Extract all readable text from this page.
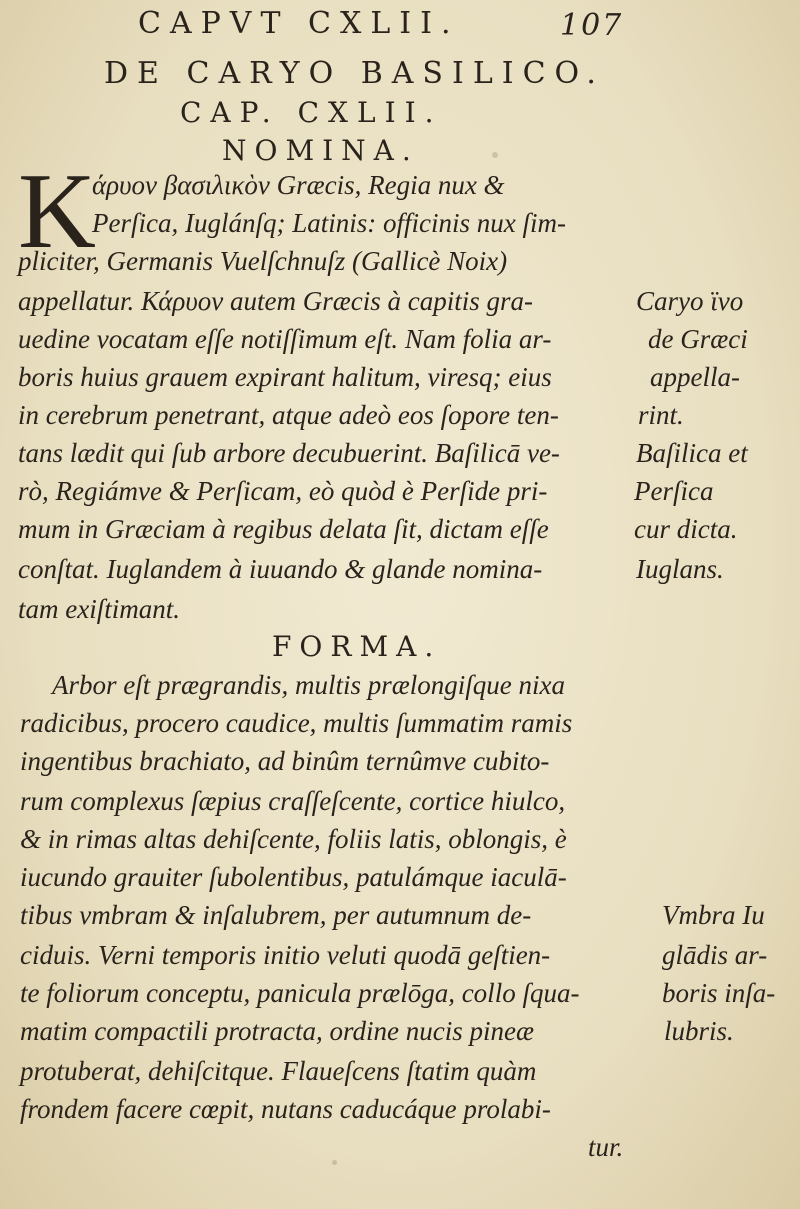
CAPVT CXLII.	107
DE CARYO BASILICO.
CAP. CXLII.
NOMINA.
K
άρυον βασιλικὸν Græcis, Regia nux &
Perſica, Iuglánſq; Latinis: officinis nux ſim-
pliciter, Germanis Vuelſchnuſz (Gallicè Noix)
appellatur. Κάρυον autem Græcis à capitis gra-
uedine vocatam eſſe notiſſimum eſt. Nam folia ar-
boris huius grauem expirant halitum, viresq; eius
in cerebrum penetrant, atque adeò eos ſopore ten-
tans lædit qui ſub arbore decubuerint. Baſilicā ve-
rò, Regiámve & Perſicam, eò quòd è Perſide pri-
mum in Græciam à regibus delata ſit, dictam eſſe
conſtat. Iuglandem à iuuando & glande nomina-
tam exiſtimant.
Caryo ϊνο
de Græci
appella-
rint.
Baſilica et
Perſica
cur dicta.
Iuglans.
FORMA.
Arbor eſt prægrandis, multis prælongiſque nixa
radicibus, procero caudice, multis ſummatim ramis
ingentibus brachiato, ad binûm ternûmve cubito-
rum complexus ſæpius craſſeſcente, cortice hiulco,
& in rimas altas dehiſcente, foliis latis, oblongis, è
iucundo grauiter ſubolentibus, patulámque iaculā-
tibus vmbram & inſalubrem, per autumnum de-
ciduis. Verni temporis initio veluti quodā geſtien-
te foliorum conceptu, panicula prælōga, collo ſqua-
matim compactili protracta, ordine nucis pineæ
protuberat, dehiſcitque. Flaueſcens ſtatim quàm
frondem facere cœpit, nutans caducáque prolabi-
tur.
Vmbra Iu
glādis ar-
boris inſa-
lubris.
